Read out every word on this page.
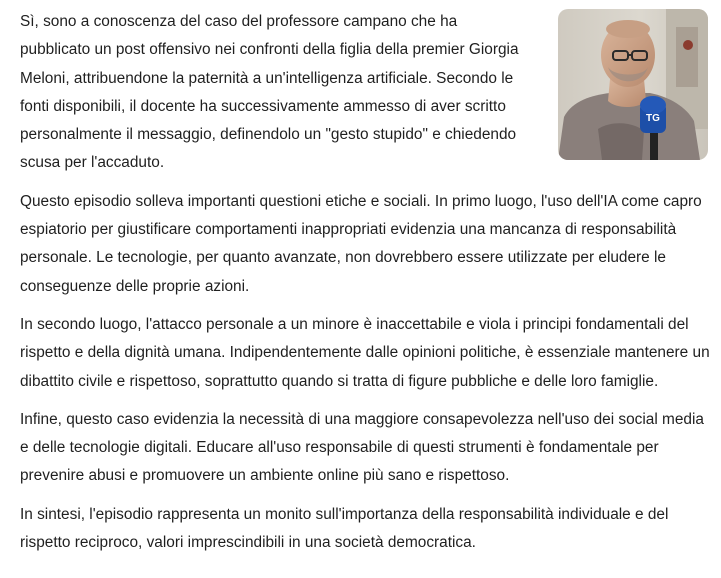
TG

Sì, sono a conoscenza del caso del professore campano che ha pubblicato un post offensivo nei confronti della figlia della premier Giorgia Meloni, attribuendone la paternità a un'intelligenza artificiale. Secondo le fonti disponibili, il docente ha successivamente ammesso di aver scritto personalmente il messaggio, definendolo un "gesto stupido" e chiedendo scusa per l'accaduto.

Questo episodio solleva importanti questioni etiche e sociali. In primo luogo, l'uso dell'IA come capro espiatorio per giustificare comportamenti inappropriati evidenzia una mancanza di responsabilità personale. Le tecnologie, per quanto avanzate, non dovrebbero essere utilizzate per eludere le conseguenze delle proprie azioni.

In secondo luogo, l'attacco personale a un minore è inaccettabile e viola i principi fondamentali del rispetto e della dignità umana. Indipendentemente dalle opinioni politiche, è essenziale mantenere un dibattito civile e rispettoso, soprattutto quando si tratta di figure pubbliche e delle loro famiglie.

Infine, questo caso evidenzia la necessità di una maggiore consapevolezza nell'uso dei social media e delle tecnologie digitali. Educare all'uso responsabile di questi strumenti è fondamentale per prevenire abusi e promuovere un ambiente online più sano e rispettoso.

In sintesi, l'episodio rappresenta un monito sull'importanza della responsabilità individuale e del rispetto reciproco, valori imprescindibili in una società democratica.
